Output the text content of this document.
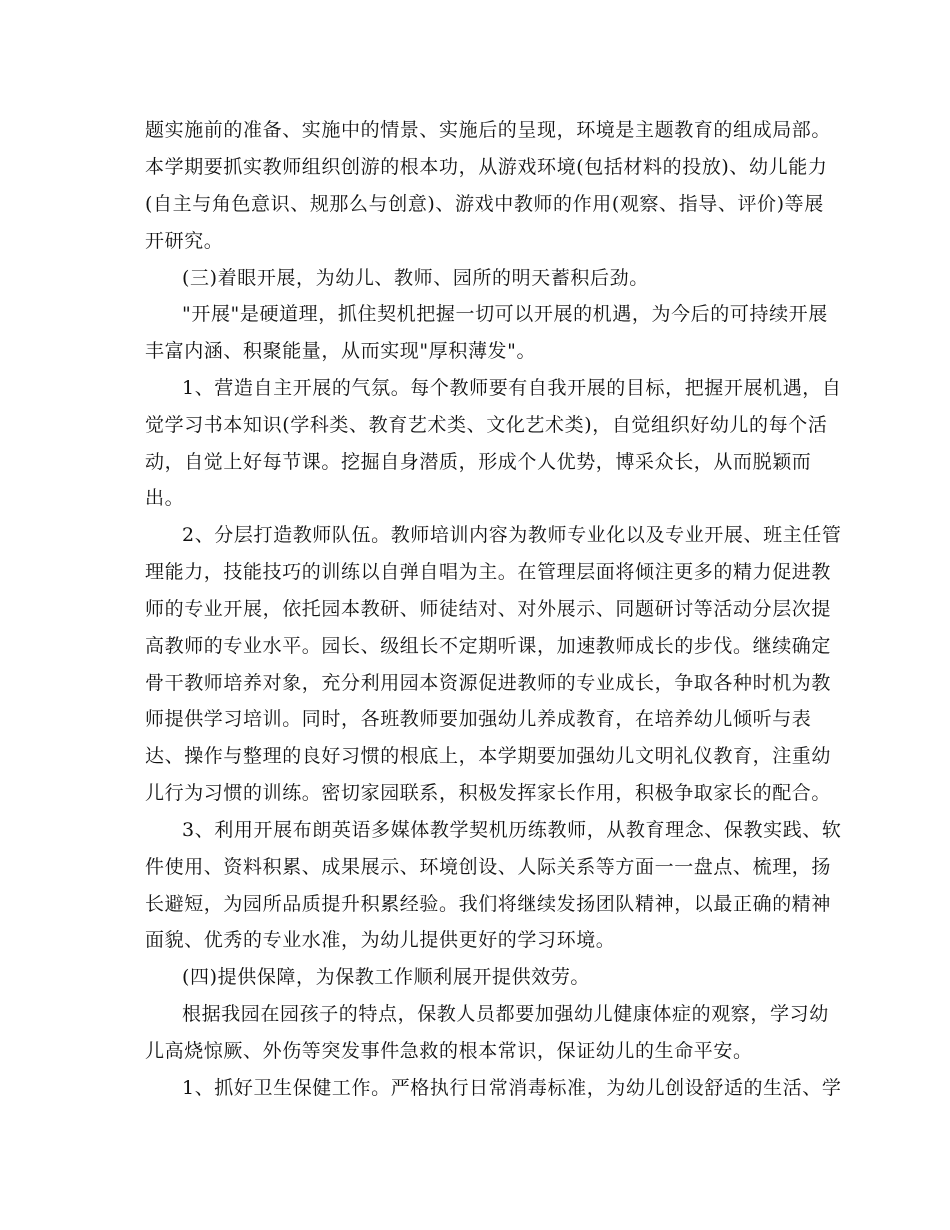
题实施前的准备、实施中的情景、实施后的呈现，环境是主题教育的组成局部。
本学期要抓实教师组织创游的根本功，从游戏环境(包括材料的投放)、幼儿能力
(自主与角色意识、规那么与创意)、游戏中教师的作用(观察、指导、评价)等展
开研究。
(三)着眼开展，为幼儿、教师、园所的明天蓄积后劲。
"开展"是硬道理，抓住契机把握一切可以开展的机遇，为今后的可持续开展
丰富内涵、积聚能量，从而实现"厚积薄发"。
1、营造自主开展的气氛。每个教师要有自我开展的目标，把握开展机遇，自
觉学习书本知识(学科类、教育艺术类、文化艺术类)，自觉组织好幼儿的每个活
动，自觉上好每节课。挖掘自身潜质，形成个人优势，博采众长，从而脱颖而
出。
2、分层打造教师队伍。教师培训内容为教师专业化以及专业开展、班主任管
理能力，技能技巧的训练以自弹自唱为主。在管理层面将倾注更多的精力促进教
师的专业开展，依托园本教研、师徒结对、对外展示、同题研讨等活动分层次提
高教师的专业水平。园长、级组长不定期听课，加速教师成长的步伐。继续确定
骨干教师培养对象，充分利用园本资源促进教师的专业成长，争取各种时机为教
师提供学习培训。同时，各班教师要加强幼儿养成教育，在培养幼儿倾听与表
达、操作与整理的良好习惯的根底上，本学期要加强幼儿文明礼仪教育，注重幼
儿行为习惯的训练。密切家园联系，积极发挥家长作用，积极争取家长的配合。
3、利用开展布朗英语多媒体教学契机历练教师，从教育理念、保教实践、软
件使用、资料积累、成果展示、环境创设、人际关系等方面一一盘点、梳理，扬
长避短，为园所品质提升积累经验。我们将继续发扬团队精神，以最正确的精神
面貌、优秀的专业水准，为幼儿提供更好的学习环境。
(四)提供保障，为保教工作顺利展开提供效劳。
根据我园在园孩子的特点，保教人员都要加强幼儿健康体症的观察，学习幼
儿高烧惊厥、外伤等突发事件急救的根本常识，保证幼儿的生命平安。
1、抓好卫生保健工作。严格执行日常消毒标准，为幼儿创设舒适的生活、学
